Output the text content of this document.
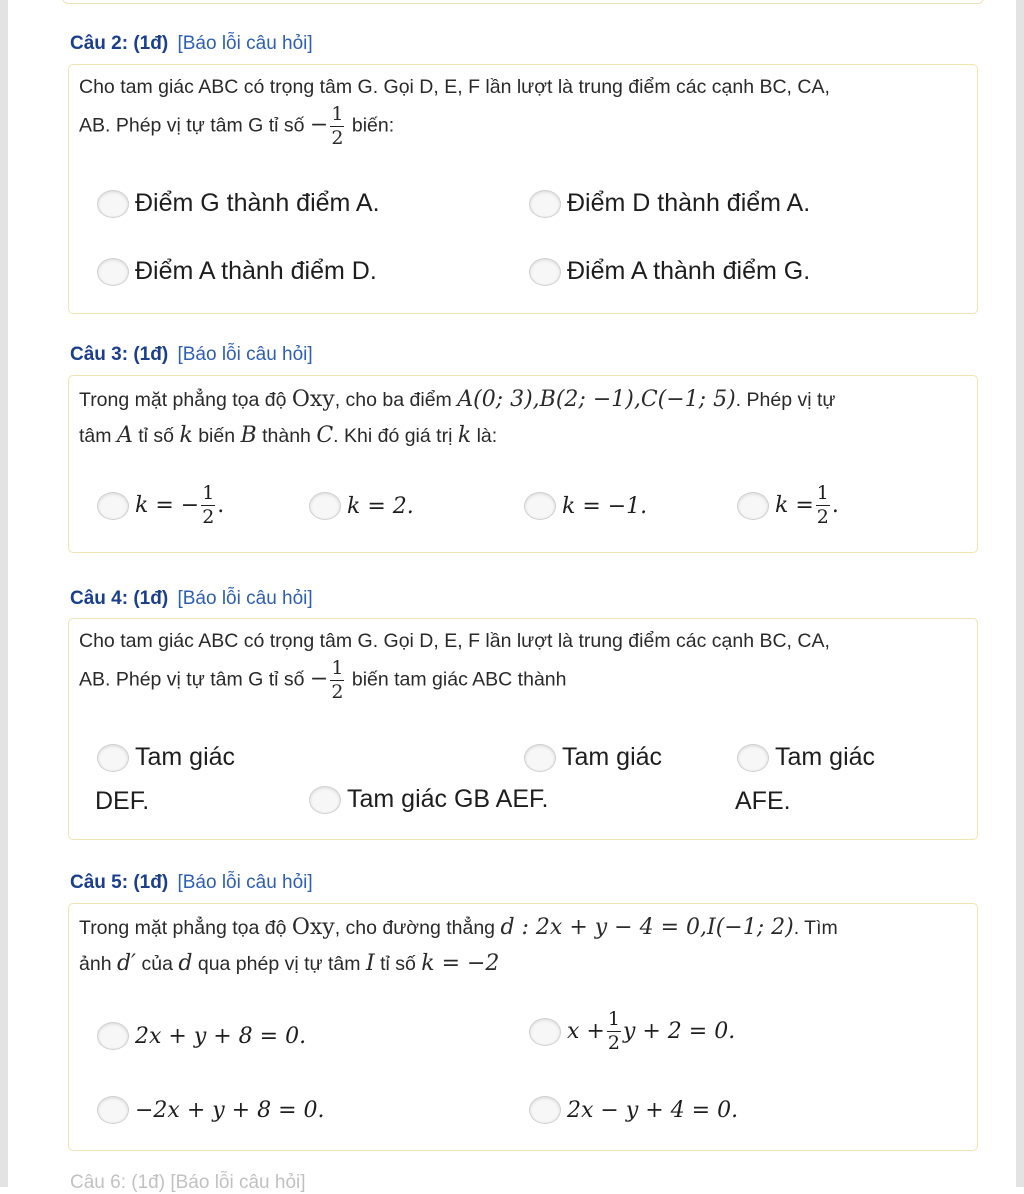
Câu 2: (1đ) [Báo lỗi câu hỏi]
Cho tam giác ABC có trọng tâm G. Gọi D, E, F lần lượt là trung điểm các cạnh BC, CA,
AB. Phép vị tự tâm G tỉ số − $\frac{1}{2}$ biến:
Điểm G thành điểm A.	Điểm D thành điểm A.
Điểm A thành điểm D.	Điểm A thành điểm G.
Câu 3: (1đ) [Báo lỗi câu hỏi]
Trong mặt phẳng tọa độ Oxy, cho ba điểm A(0; 3),B(2; −1),C(−1; 5). Phép vị tự
tâm A tỉ số k biến B thành C. Khi đó giá trị k là:
k = − $\frac{1}{2}$ .	k = 2.	k = −1.	$k = \frac{1}{2}$ .
Câu 4: (1đ) [Báo lỗi câu hỏi]
Cho tam giác ABC có trọng tâm G. Gọi D, E, F lần lượt là trung điểm các cạnh BC, CA,
AB. Phép vị tự tâm G tỉ số − $\frac{1}{2}$ biến tam giác ABC thành
Tam giác
DEF.	Tam giác GB AEF.
Tam giác	Tam giác
AFE.
Câu 5: (1đ) [Báo lỗi câu hỏi]
Trong mặt phẳng tọa độ Oxy, cho đường thẳng d : 2x + y − 4 = 0,I(−1; 2). Tìm
ảnh d′ của d qua phép vị tự tâm I tỉ số k = −2
2x + y + 8 = 0.	$x + \frac{1}{2}$ y + 2 = 0.
−2x + y + 8 = 0.	2x − y + 4 = 0.
Câu 6: (1đ) [Báo lỗi câu hỏi]
